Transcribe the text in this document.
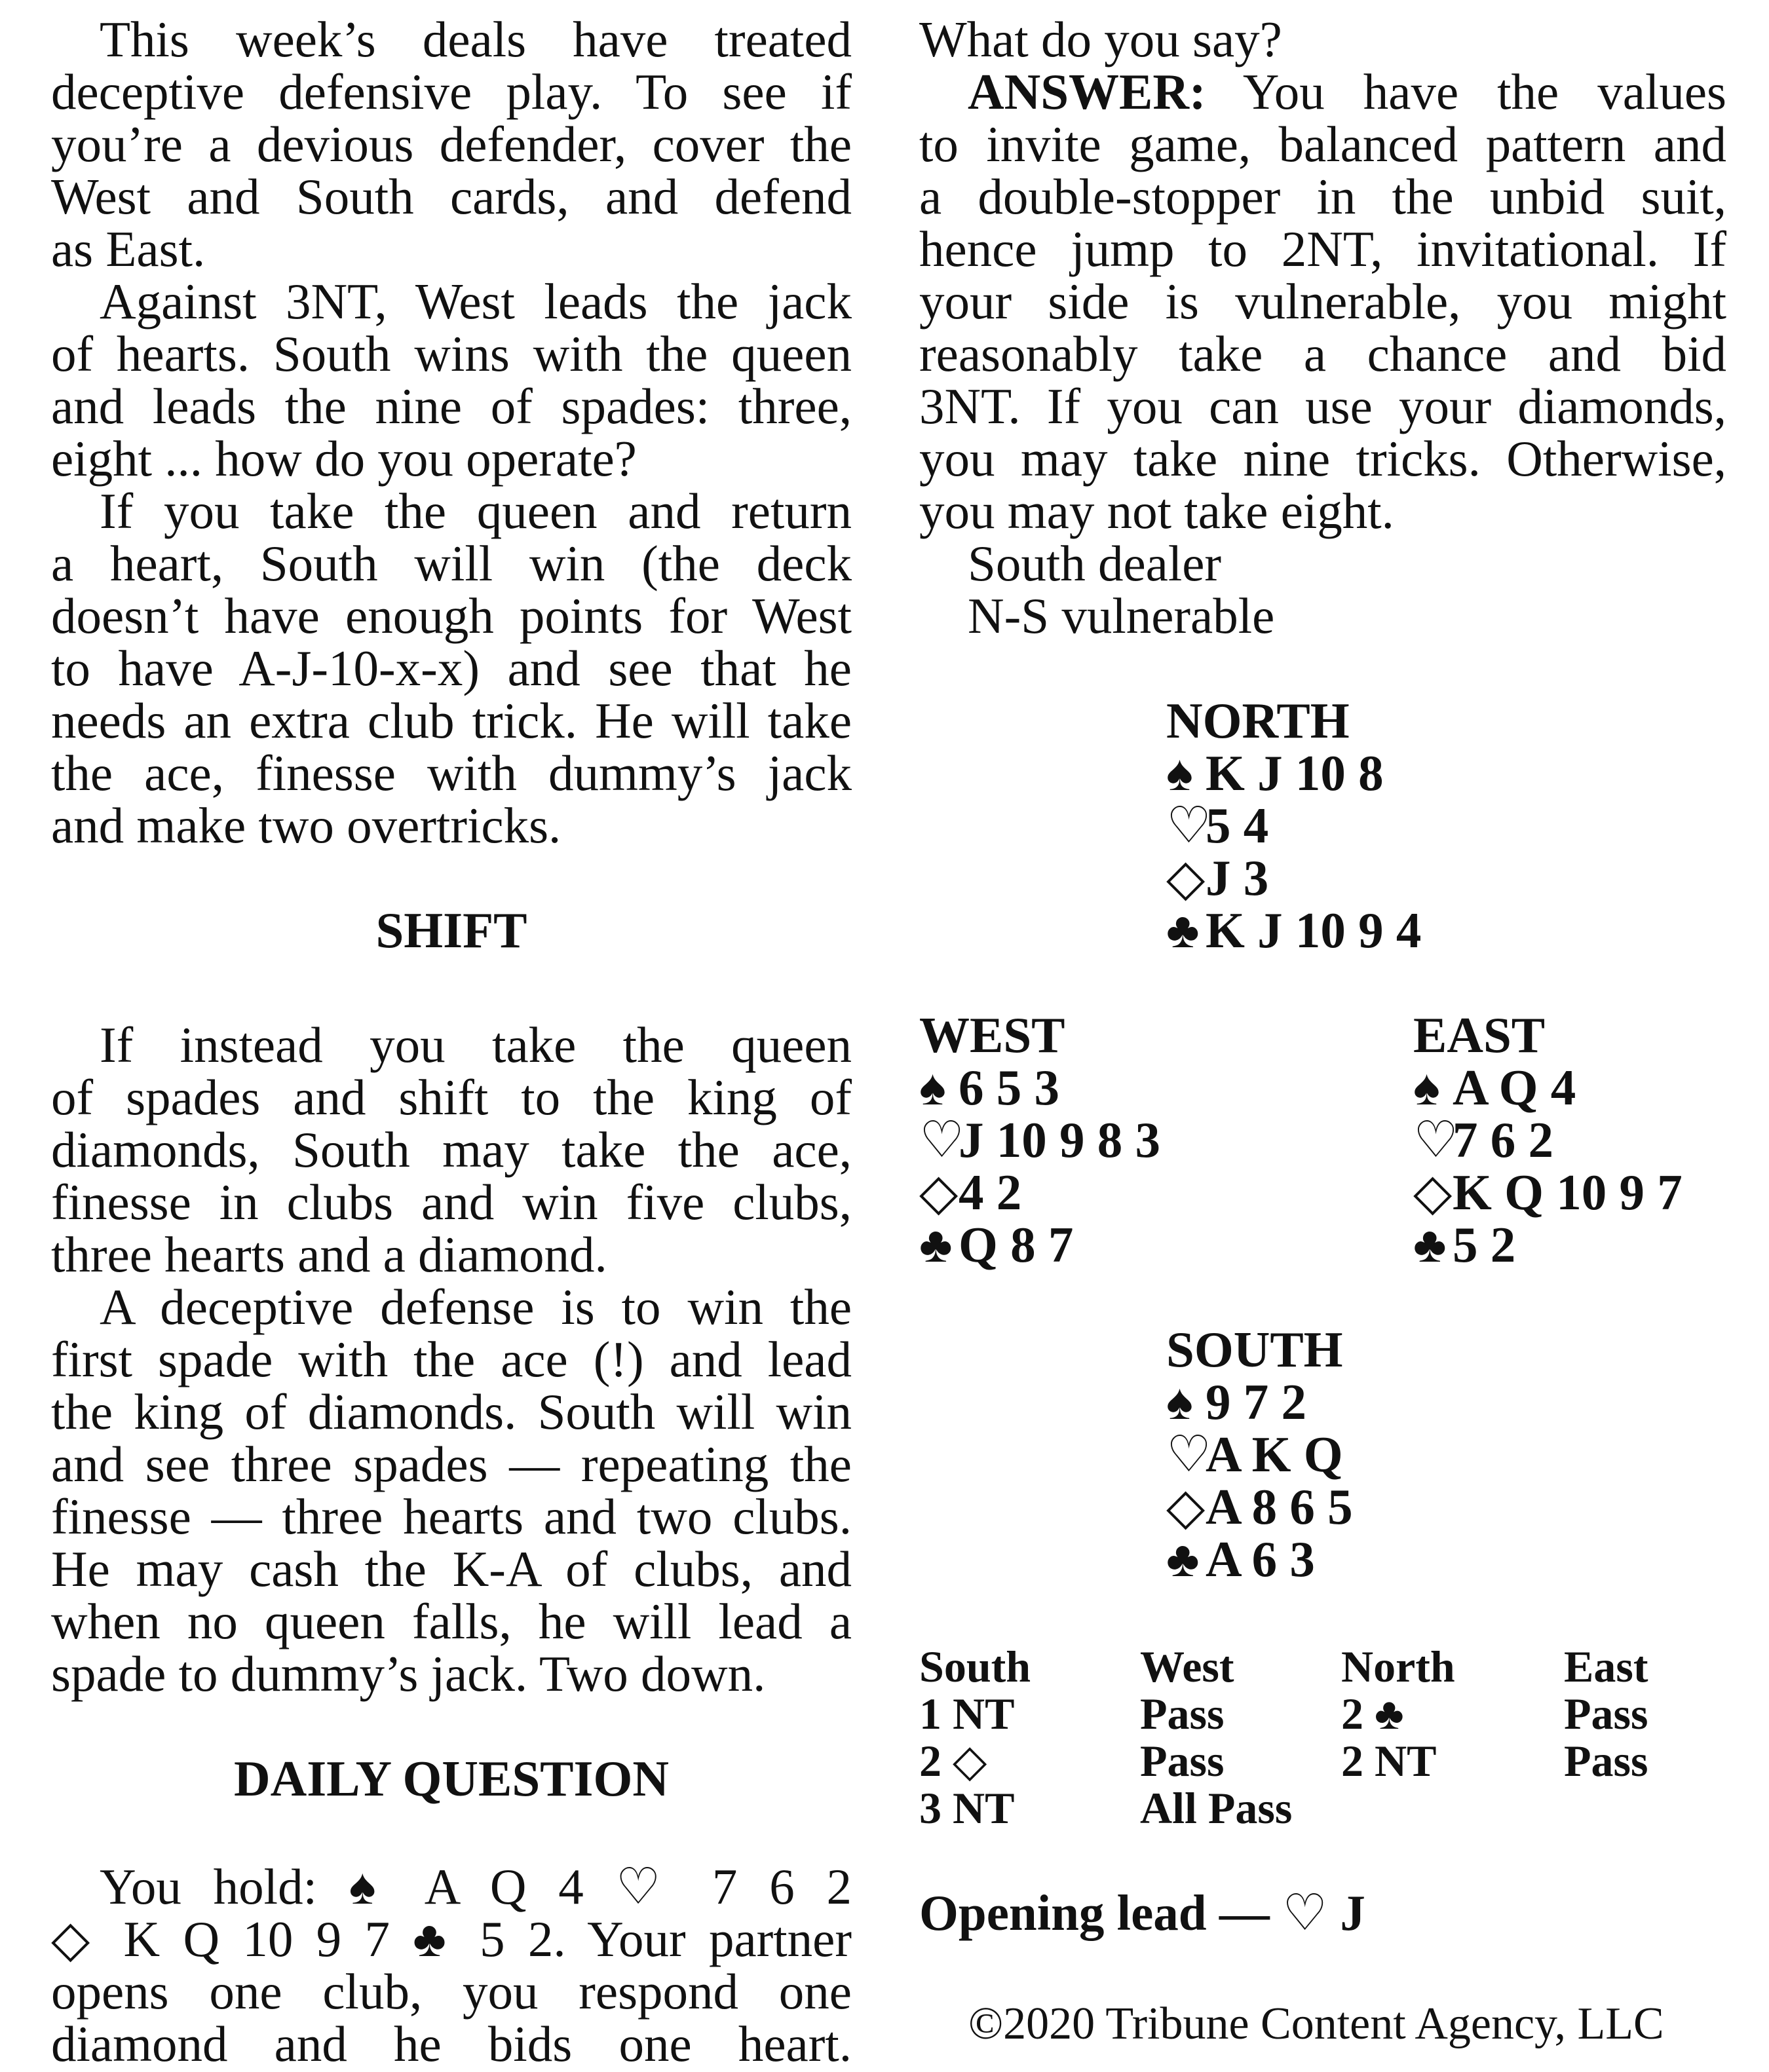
This week’s deals have treated
deceptive defensive play. To see if
you’re a devious defender, cover the
West and South cards, and defend
as East.
Against 3NT, West leads the jack
of hearts. South wins with the queen
and leads the nine of spades: three,
eight ... how do you operate?
If you take the queen and return
a heart, South will win (the deck
doesn’t have enough points for West
to have A-J-10-x-x) and see that he
needs an extra club trick. He will take
the ace, finesse with dummy’s jack
and make two overtricks.
SHIFT
If instead you take the queen
of spades and shift to the king of
diamonds, South may take the ace,
finesse in clubs and win five clubs,
three hearts and a diamond.
A deceptive defense is to win the
first spade with the ace (!) and lead
the king of diamonds. South will win
and see three spades — repeating the
finesse — three hearts and two clubs.
He may cash the K-A of clubs, and
when no queen falls, he will lead a
spade to dummy’s jack. Two down.
DAILY QUESTION
You hold: ♠ A Q 4 ♡ 7 6 2
◇ K Q 10 9 7 ♣ 5 2. Your partner
opens one club, you respond one
diamond and he bids one heart.
What do you say?
ANSWER: You have the values
to invite game, balanced pattern and
a double-stopper in the unbid suit,
hence jump to 2NT, invitational. If
your side is vulnerable, you might
reasonably take a chance and bid
3NT. If you can use your diamonds,
you may take nine tricks. Otherwise,
you may not take eight.
South dealer
N-S vulnerable
NORTH
♠ K J 10 8
♡5 4
◇J 3
♣ K J 10 9 4
WEST
♠ 6 5 3
♡J 10 9 8 3
◇4 2
♣ Q 8 7
EAST
♠ A Q 4
♡7 6 2
◇K Q 10 9 7
♣ 5 2
SOUTH
♠ 9 7 2
♡A K Q
◇A 8 6 5
♣ A 6 3
South
1 NT
2 ◇
3 NT
West
Pass
Pass
All Pass
North
2 ♣
2 NT
East
Pass
Pass
Opening lead — ♡ J
©2020 Tribune Content Agency, LLC
